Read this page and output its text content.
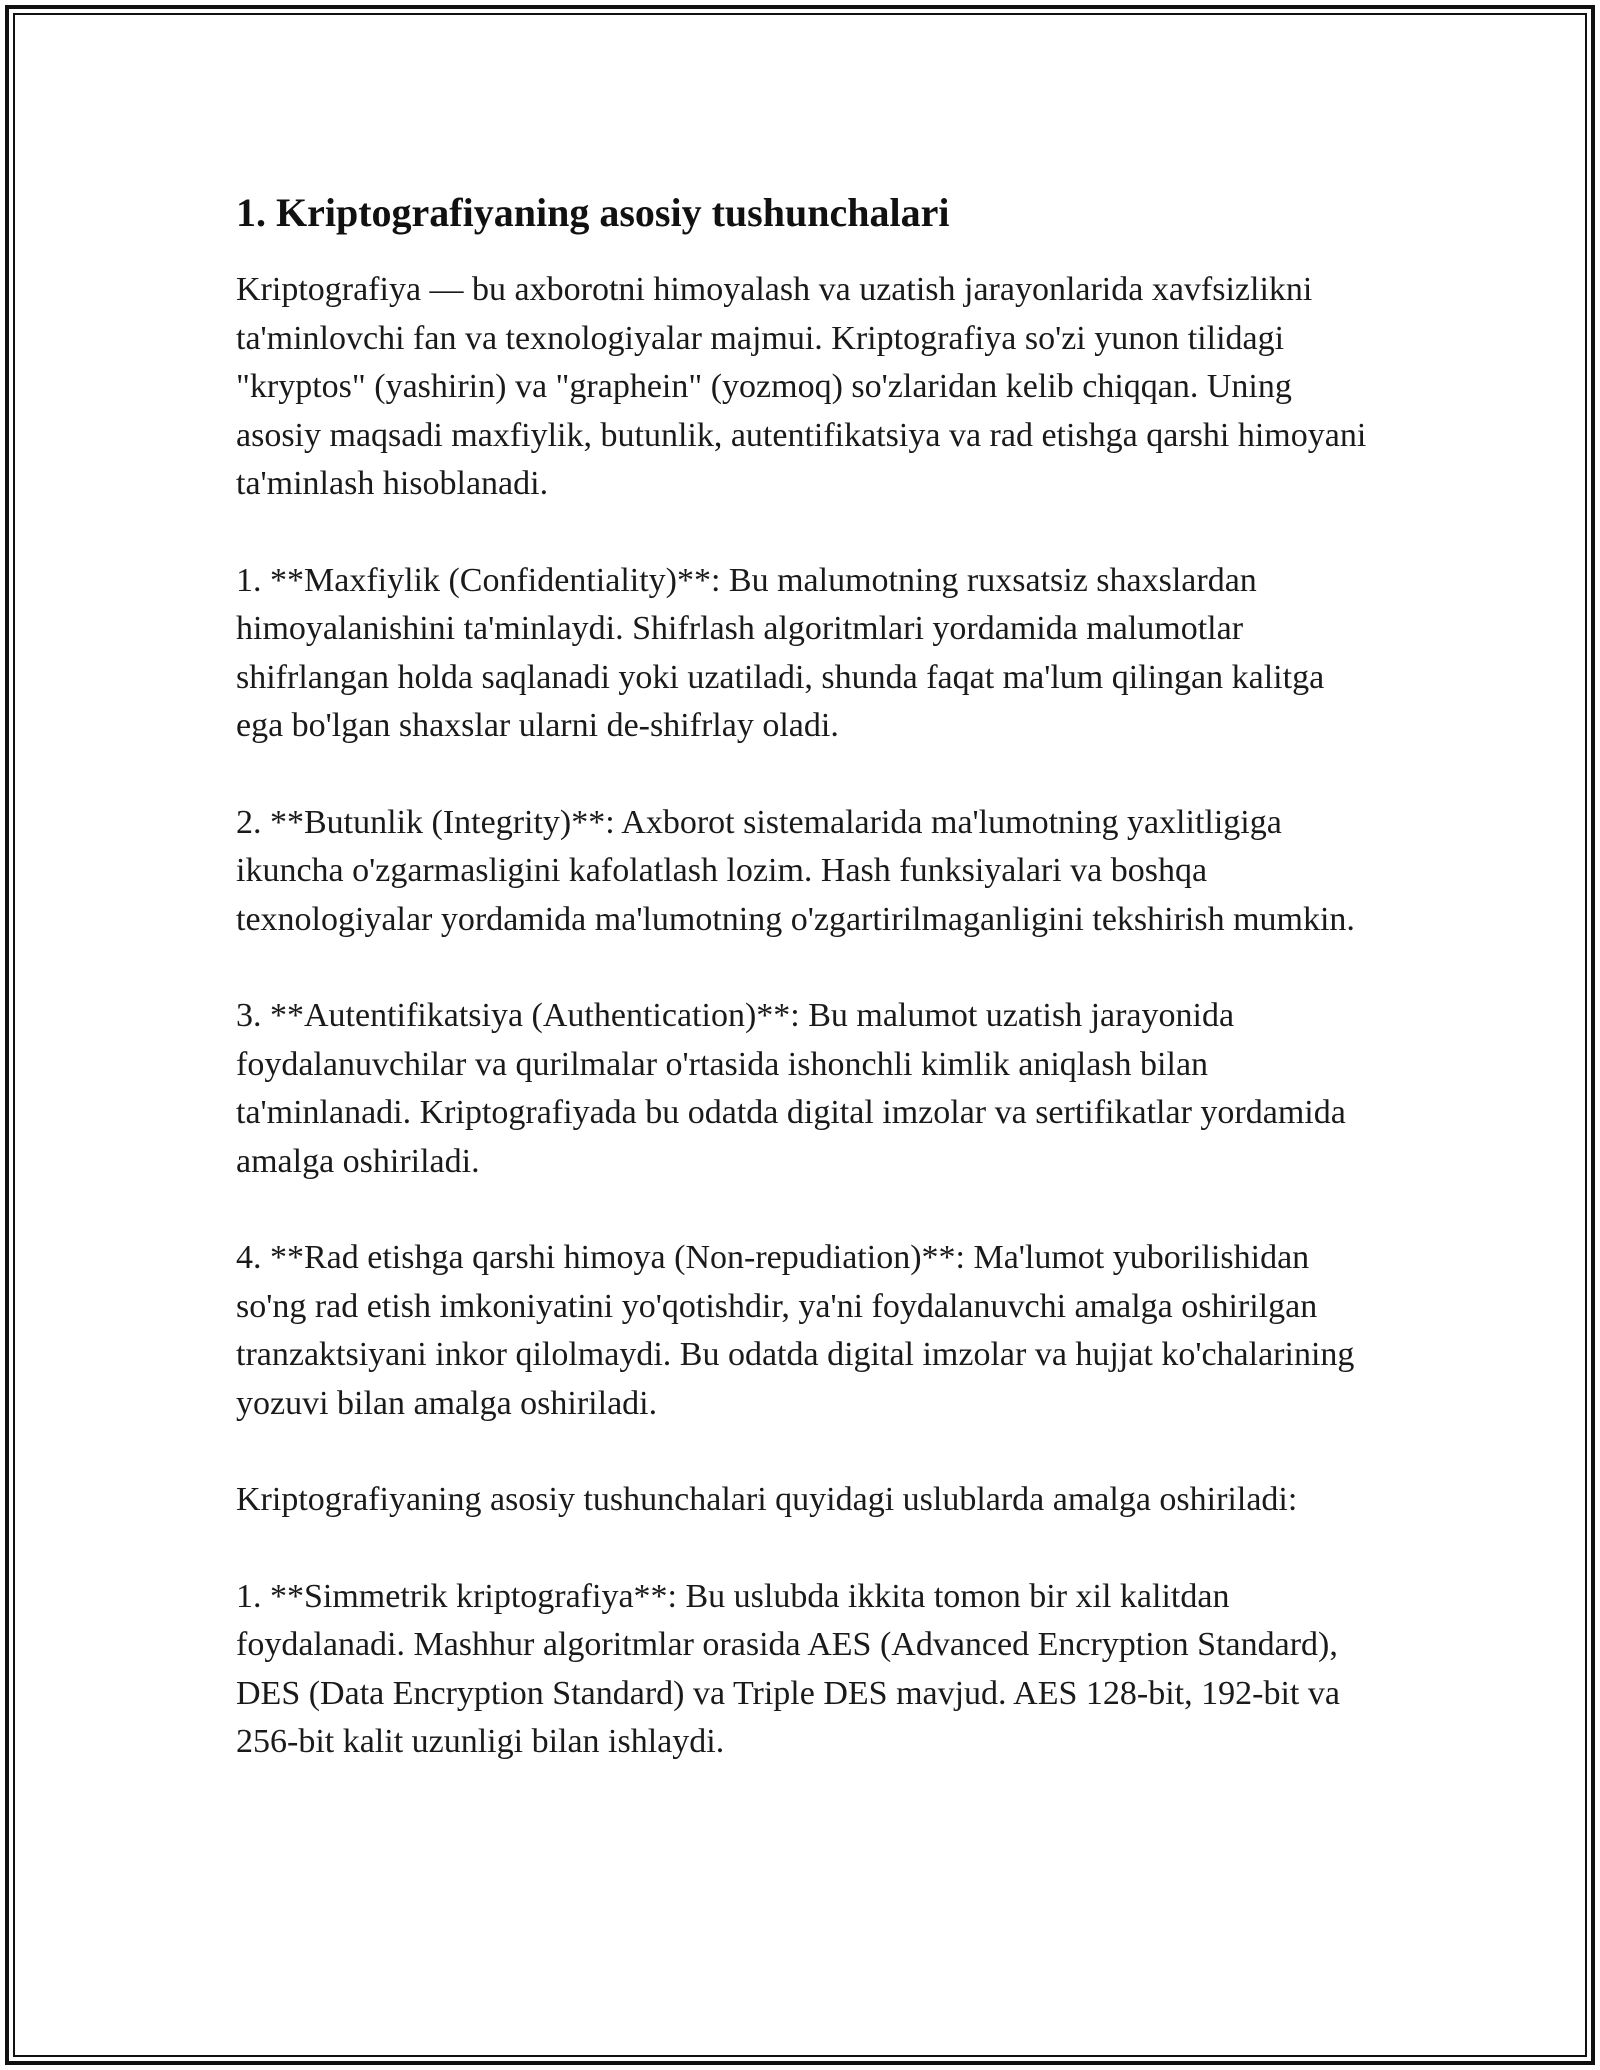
1. Kriptografiyaning asosiy tushunchalari

Kriptografiya — bu axborotni himoyalash va uzatish jarayonlarida xavfsizlikni ta'minlovchi fan va texnologiyalar majmui. Kriptografiya so'zi yunon tilidagi "kryptos" (yashirin) va "graphein" (yozmoq) so'zlaridan kelib chiqqan. Uning asosiy maqsadi maxfiylik, butunlik, autentifikatsiya va rad etishga qarshi himoyani ta'minlash hisoblanadi.

1. **Maxfiylik (Confidentiality)**: Bu malumotning ruxsatsiz shaxslardan himoyalanishini ta'minlaydi. Shifrlash algoritmlari yordamida malumotlar shifrlangan holda saqlanadi yoki uzatiladi, shunda faqat ma'lum qilingan kalitga ega bo'lgan shaxslar ularni de-shifrlay oladi.

2. **Butunlik (Integrity)**: Axborot sistemalarida ma'lumotning yaxlitligiga ikuncha o'zgarmasligini kafolatlash lozim. Hash funksiyalari va boshqa texnologiyalar yordamida ma'lumotning o'zgartirilmaganligini tekshirish mumkin.

3. **Autentifikatsiya (Authentication)**: Bu malumot uzatish jarayonida foydalanuvchilar va qurilmalar o'rtasida ishonchli kimlik aniqlash bilan ta'minlanadi. Kriptografiyada bu odatda digital imzolar va sertifikatlar yordamida amalga oshiriladi.

4. **Rad etishga qarshi himoya (Non-repudiation)**: Ma'lumot yuborilishidan so'ng rad etish imkoniyatini yo'qotishdir, ya'ni foydalanuvchi amalga oshirilgan tranzaktsiyani inkor qilolmaydi. Bu odatda digital imzolar va hujjat ko'chalarining yozuvi bilan amalga oshiriladi.

Kriptografiyaning asosiy tushunchalari quyidagi uslublarda amalga oshiriladi:

1. **Simmetrik kriptografiya**: Bu uslubda ikkita tomon bir xil kalitdan foydalanadi. Mashhur algoritmlar orasida AES (Advanced Encryption Standard), DES (Data Encryption Standard) va Triple DES mavjud. AES 128-bit, 192-bit va 256-bit kalit uzunligi bilan ishlaydi.
